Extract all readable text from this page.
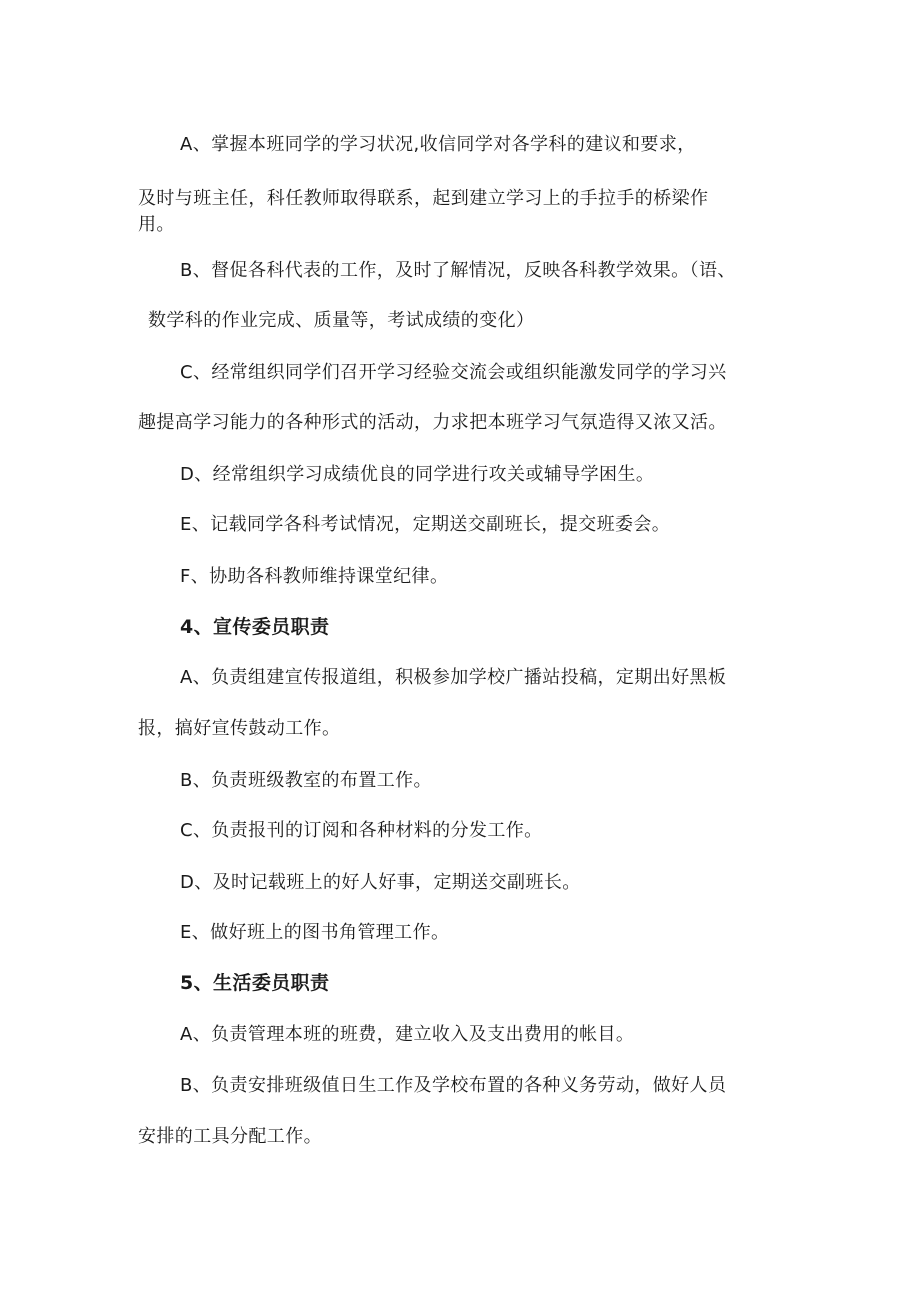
A、掌握本班同学的学习状况,收信同学对各学科的建议和要求，
及时与班主任，科任教师取得联系，起到建立学习上的手拉手的桥梁作
用。
B、督促各科代表的工作，及时了解情况，反映各科教学效果。（语、
数学科的作业完成、质量等，考试成绩的变化）
C、经常组织同学们召开学习经验交流会或组织能激发同学的学习兴
趣提高学习能力的各种形式的活动，力求把本班学习气氛造得又浓又活。
D、经常组织学习成绩优良的同学进行攻关或辅导学困生。
E、记载同学各科考试情况，定期送交副班长，提交班委会。
F、协助各科教师维持课堂纪律。
4、宣传委员职责
A、负责组建宣传报道组，积极参加学校广播站投稿，定期出好黑板
报，搞好宣传鼓动工作。
B、负责班级教室的布置工作。
C、负责报刊的订阅和各种材料的分发工作。
D、及时记载班上的好人好事，定期送交副班长。
E、做好班上的图书角管理工作。
5、生活委员职责
A、负责管理本班的班费，建立收入及支出费用的帐目。
B、负责安排班级值日生工作及学校布置的各种义务劳动，做好人员
安排的工具分配工作。
